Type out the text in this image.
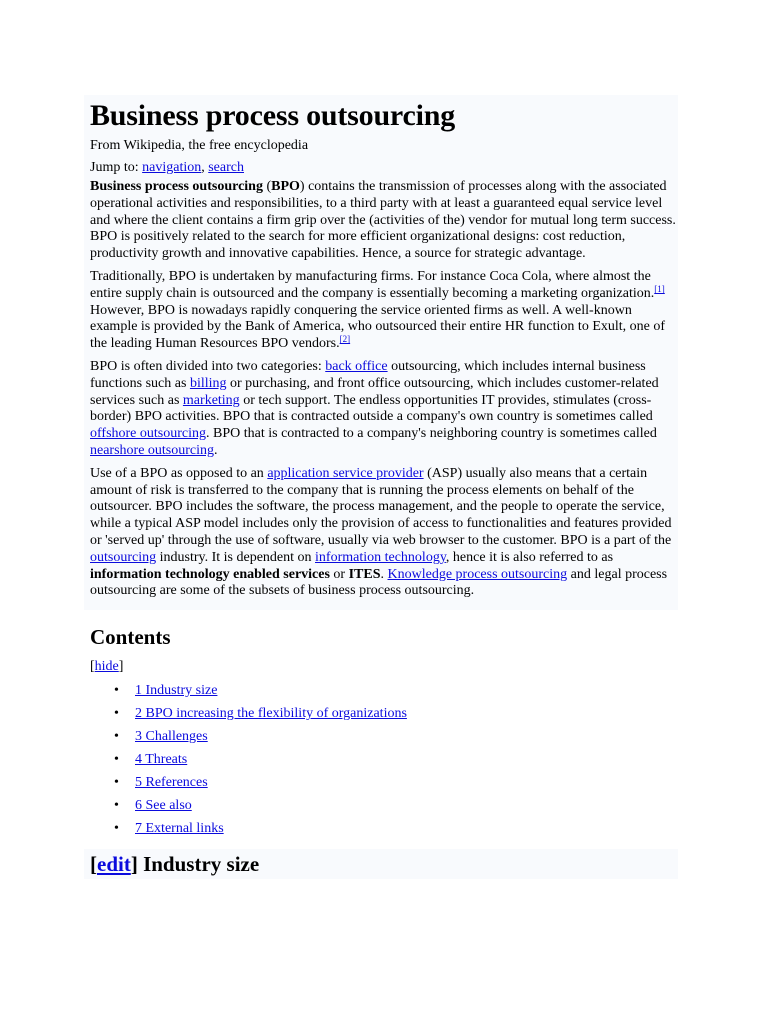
Business process outsourcing
From Wikipedia, the free encyclopedia
Jump to: navigation, search

Business process outsourcing (BPO) contains the transmission of processes along with the associated operational activities and responsibilities, to a third party with at least a guaranteed equal service level and where the client contains a firm grip over the (activities of the) vendor for mutual long term success. BPO is positively related to the search for more efficient organizational designs: cost reduction, productivity growth and innovative capabilities. Hence, a source for strategic advantage.

Traditionally, BPO is undertaken by manufacturing firms. For instance Coca Cola, where almost the entire supply chain is outsourced and the company is essentially becoming a marketing organization.[1] However, BPO is nowadays rapidly conquering the service oriented firms as well. A well-known example is provided by the Bank of America, who outsourced their entire HR function to Exult, one of the leading Human Resources BPO vendors.[2]

BPO is often divided into two categories: back office outsourcing, which includes internal business functions such as billing or purchasing, and front office outsourcing, which includes customer-related services such as marketing or tech support. The endless opportunities IT provides, stimulates (cross-border) BPO activities. BPO that is contracted outside a company's own country is sometimes called offshore outsourcing. BPO that is contracted to a company's neighboring country is sometimes called nearshore outsourcing.

Use of a BPO as opposed to an application service provider (ASP) usually also means that a certain amount of risk is transferred to the company that is running the process elements on behalf of the outsourcer. BPO includes the software, the process management, and the people to operate the service, while a typical ASP model includes only the provision of access to functionalities and features provided or 'served up' through the use of software, usually via web browser to the customer. BPO is a part of the outsourcing industry. It is dependent on information technology, hence it is also referred to as information technology enabled services or ITES. Knowledge process outsourcing and legal process outsourcing are some of the subsets of business process outsourcing.

Contents
[hide]
• 1 Industry size
• 2 BPO increasing the flexibility of organizations
• 3 Challenges
• 4 Threats
• 5 References
• 6 See also
• 7 External links
[edit] Industry size
